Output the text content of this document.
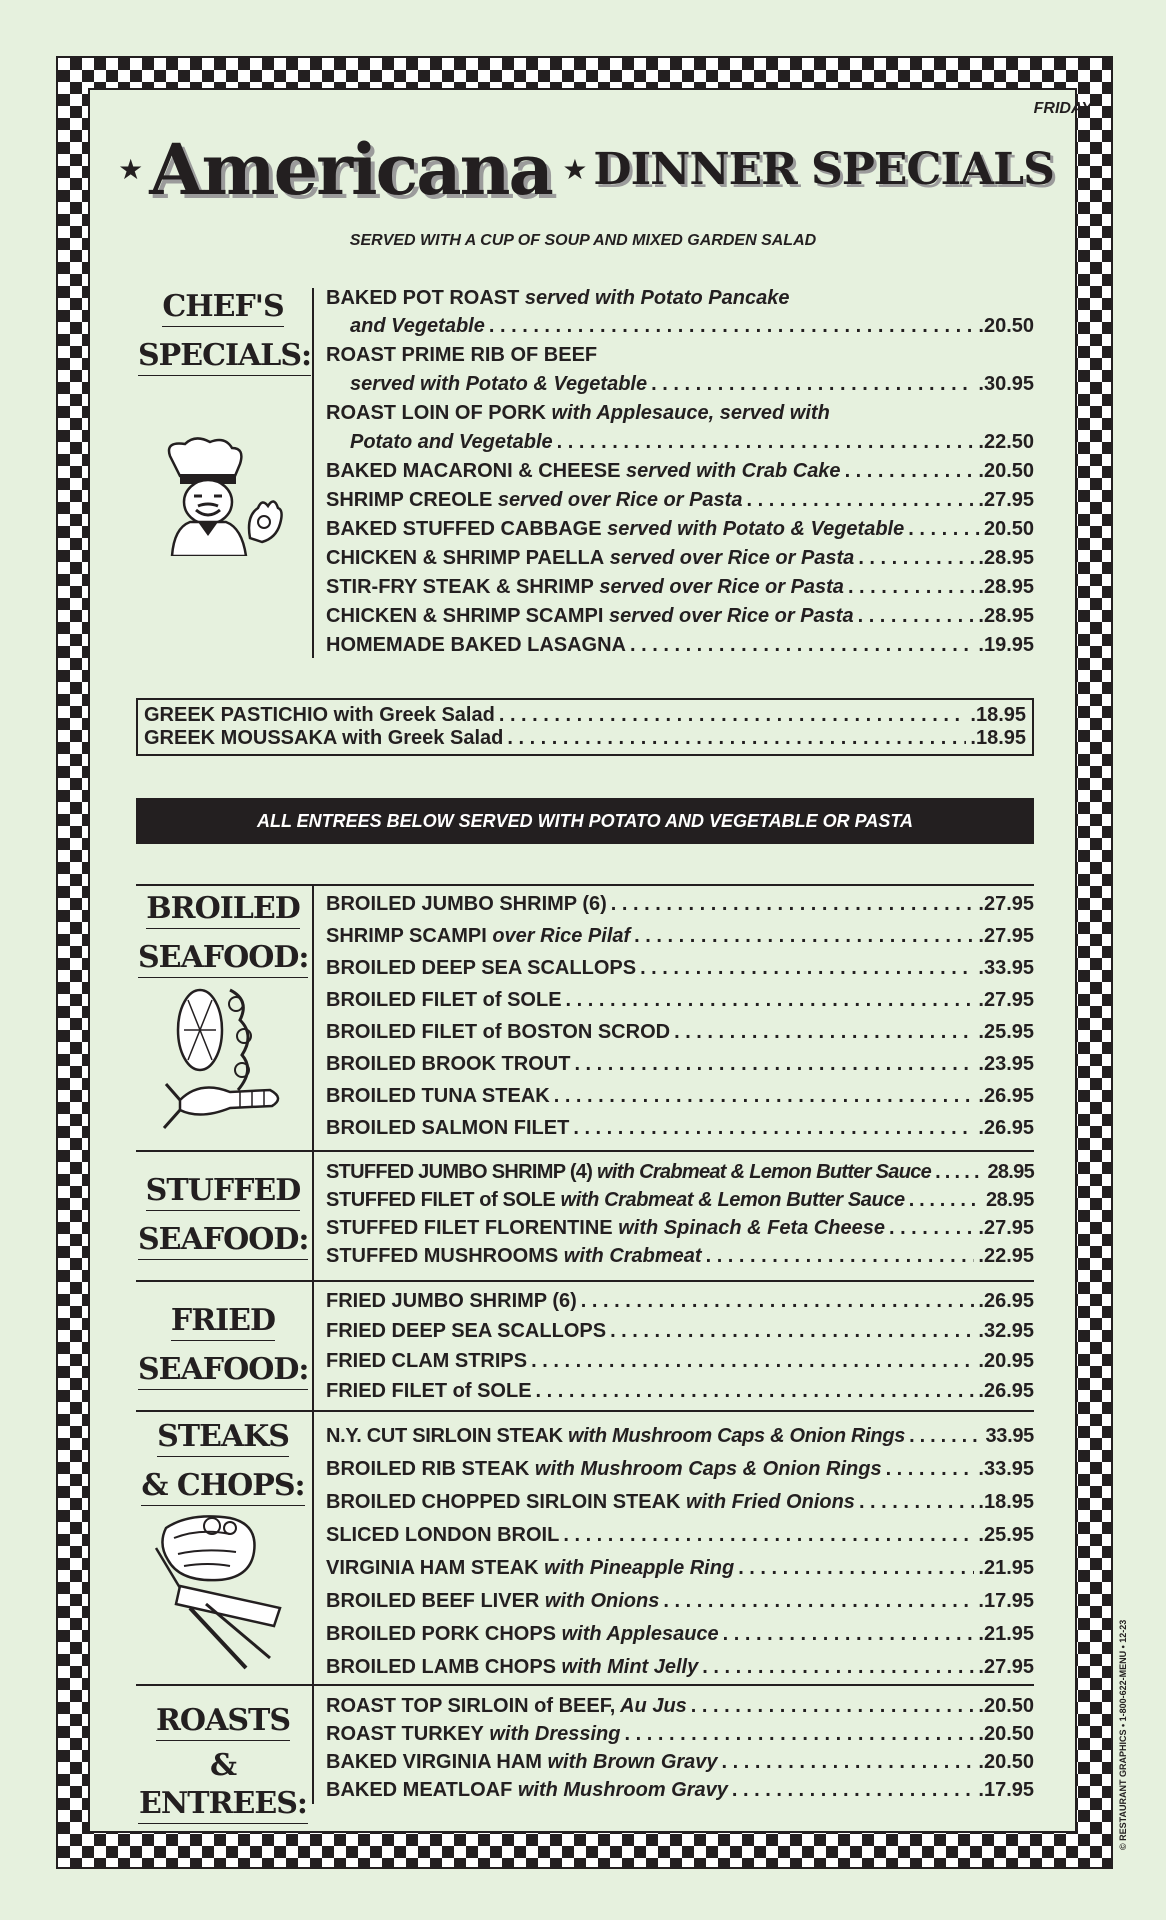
FRIDAY
★Americana ★ DINNER SPECIALS
SERVED WITH A CUP OF SOUP AND MIXED GARDEN SALAD
CHEF'S
SPECIALS:
BAKED POT ROAST served with Potato Pancake
and Vegetable . . .	.20.50
ROAST PRIME RIB OF BEEF
served with Potato & Vegetable . . .	.30.95
ROAST LOIN OF PORK with Applesauce, served with
Potato and Vegetable . . .	.22.50
BAKED MACARONI & CHEESE served with Crab Cake . . .	.20.50
SHRIMP CREOLE served over Rice or Pasta . . .	.27.95
BAKED STUFFED CABBAGE served with Potato & Vegetable . . .	20.50
CHICKEN & SHRIMP PAELLA served over Rice or Pasta . . .	.28.95
STIR-FRY STEAK & SHRIMP served over Rice or Pasta . . .	.28.95
CHICKEN & SHRIMP SCAMPI served over Rice or Pasta . . .	.28.95
HOMEMADE BAKED LASAGNA . . .	.19.95
GREEK PASTICHIO with Greek Salad . . .	.18.95
GREEK MOUSSAKA with Greek Salad . . .	.18.95
ALL ENTREES BELOW SERVED WITH POTATO AND VEGETABLE OR PASTA
BROILED
SEAFOOD:
BROILED JUMBO SHRIMP (6) . . .	.27.95
SHRIMP SCAMPI over Rice Pilaf . . .	.27.95
BROILED DEEP SEA SCALLOPS . . .	.33.95
BROILED FILET of SOLE . . .	.27.95
BROILED FILET of BOSTON SCROD . . .	.25.95
BROILED BROOK TROUT . . .	.23.95
BROILED TUNA STEAK . . .	.26.95
BROILED SALMON FILET . . .	.26.95
STUFFED
SEAFOOD:
STUFFED JUMBO SHRIMP (4) with Crabmeat & Lemon Butter Sauce . . .	28.95
STUFFED FILET of SOLE with Crabmeat & Lemon Butter Sauce . . .	28.95
STUFFED FILET FLORENTINE with Spinach & Feta Cheese . . .	.27.95
STUFFED MUSHROOMS with Crabmeat . . .	.22.95
FRIED
SEAFOOD:
FRIED JUMBO SHRIMP (6) . . .	.26.95
FRIED DEEP SEA SCALLOPS . . .	.32.95
FRIED CLAM STRIPS . . .	.20.95
FRIED FILET of SOLE . . .	.26.95
STEAKS
& CHOPS:
N.Y. CUT SIRLOIN STEAK with Mushroom Caps & Onion Rings . . .	33.95
BROILED RIB STEAK with Mushroom Caps & Onion Rings . . .	.33.95
BROILED CHOPPED SIRLOIN STEAK with Fried Onions . . .	.18.95
SLICED LONDON BROIL . . .	.25.95
VIRGINIA HAM STEAK with Pineapple Ring . . .	.21.95
BROILED BEEF LIVER with Onions . . .	.17.95
BROILED PORK CHOPS with Applesauce . . .	.21.95
BROILED LAMB CHOPS with Mint Jelly . . .	.27.95
ROASTS
& ENTREES:
ROAST TOP SIRLOIN of BEEF, Au Jus . . .	.20.50
ROAST TURKEY with Dressing . . .	.20.50
BAKED VIRGINIA HAM with Brown Gravy . . .	.20.50
BAKED MEATLOAF with Mushroom Gravy . . .	.17.95	© RESTAURANT GRAPHICS • 1-800-622-MENU • 12-23
